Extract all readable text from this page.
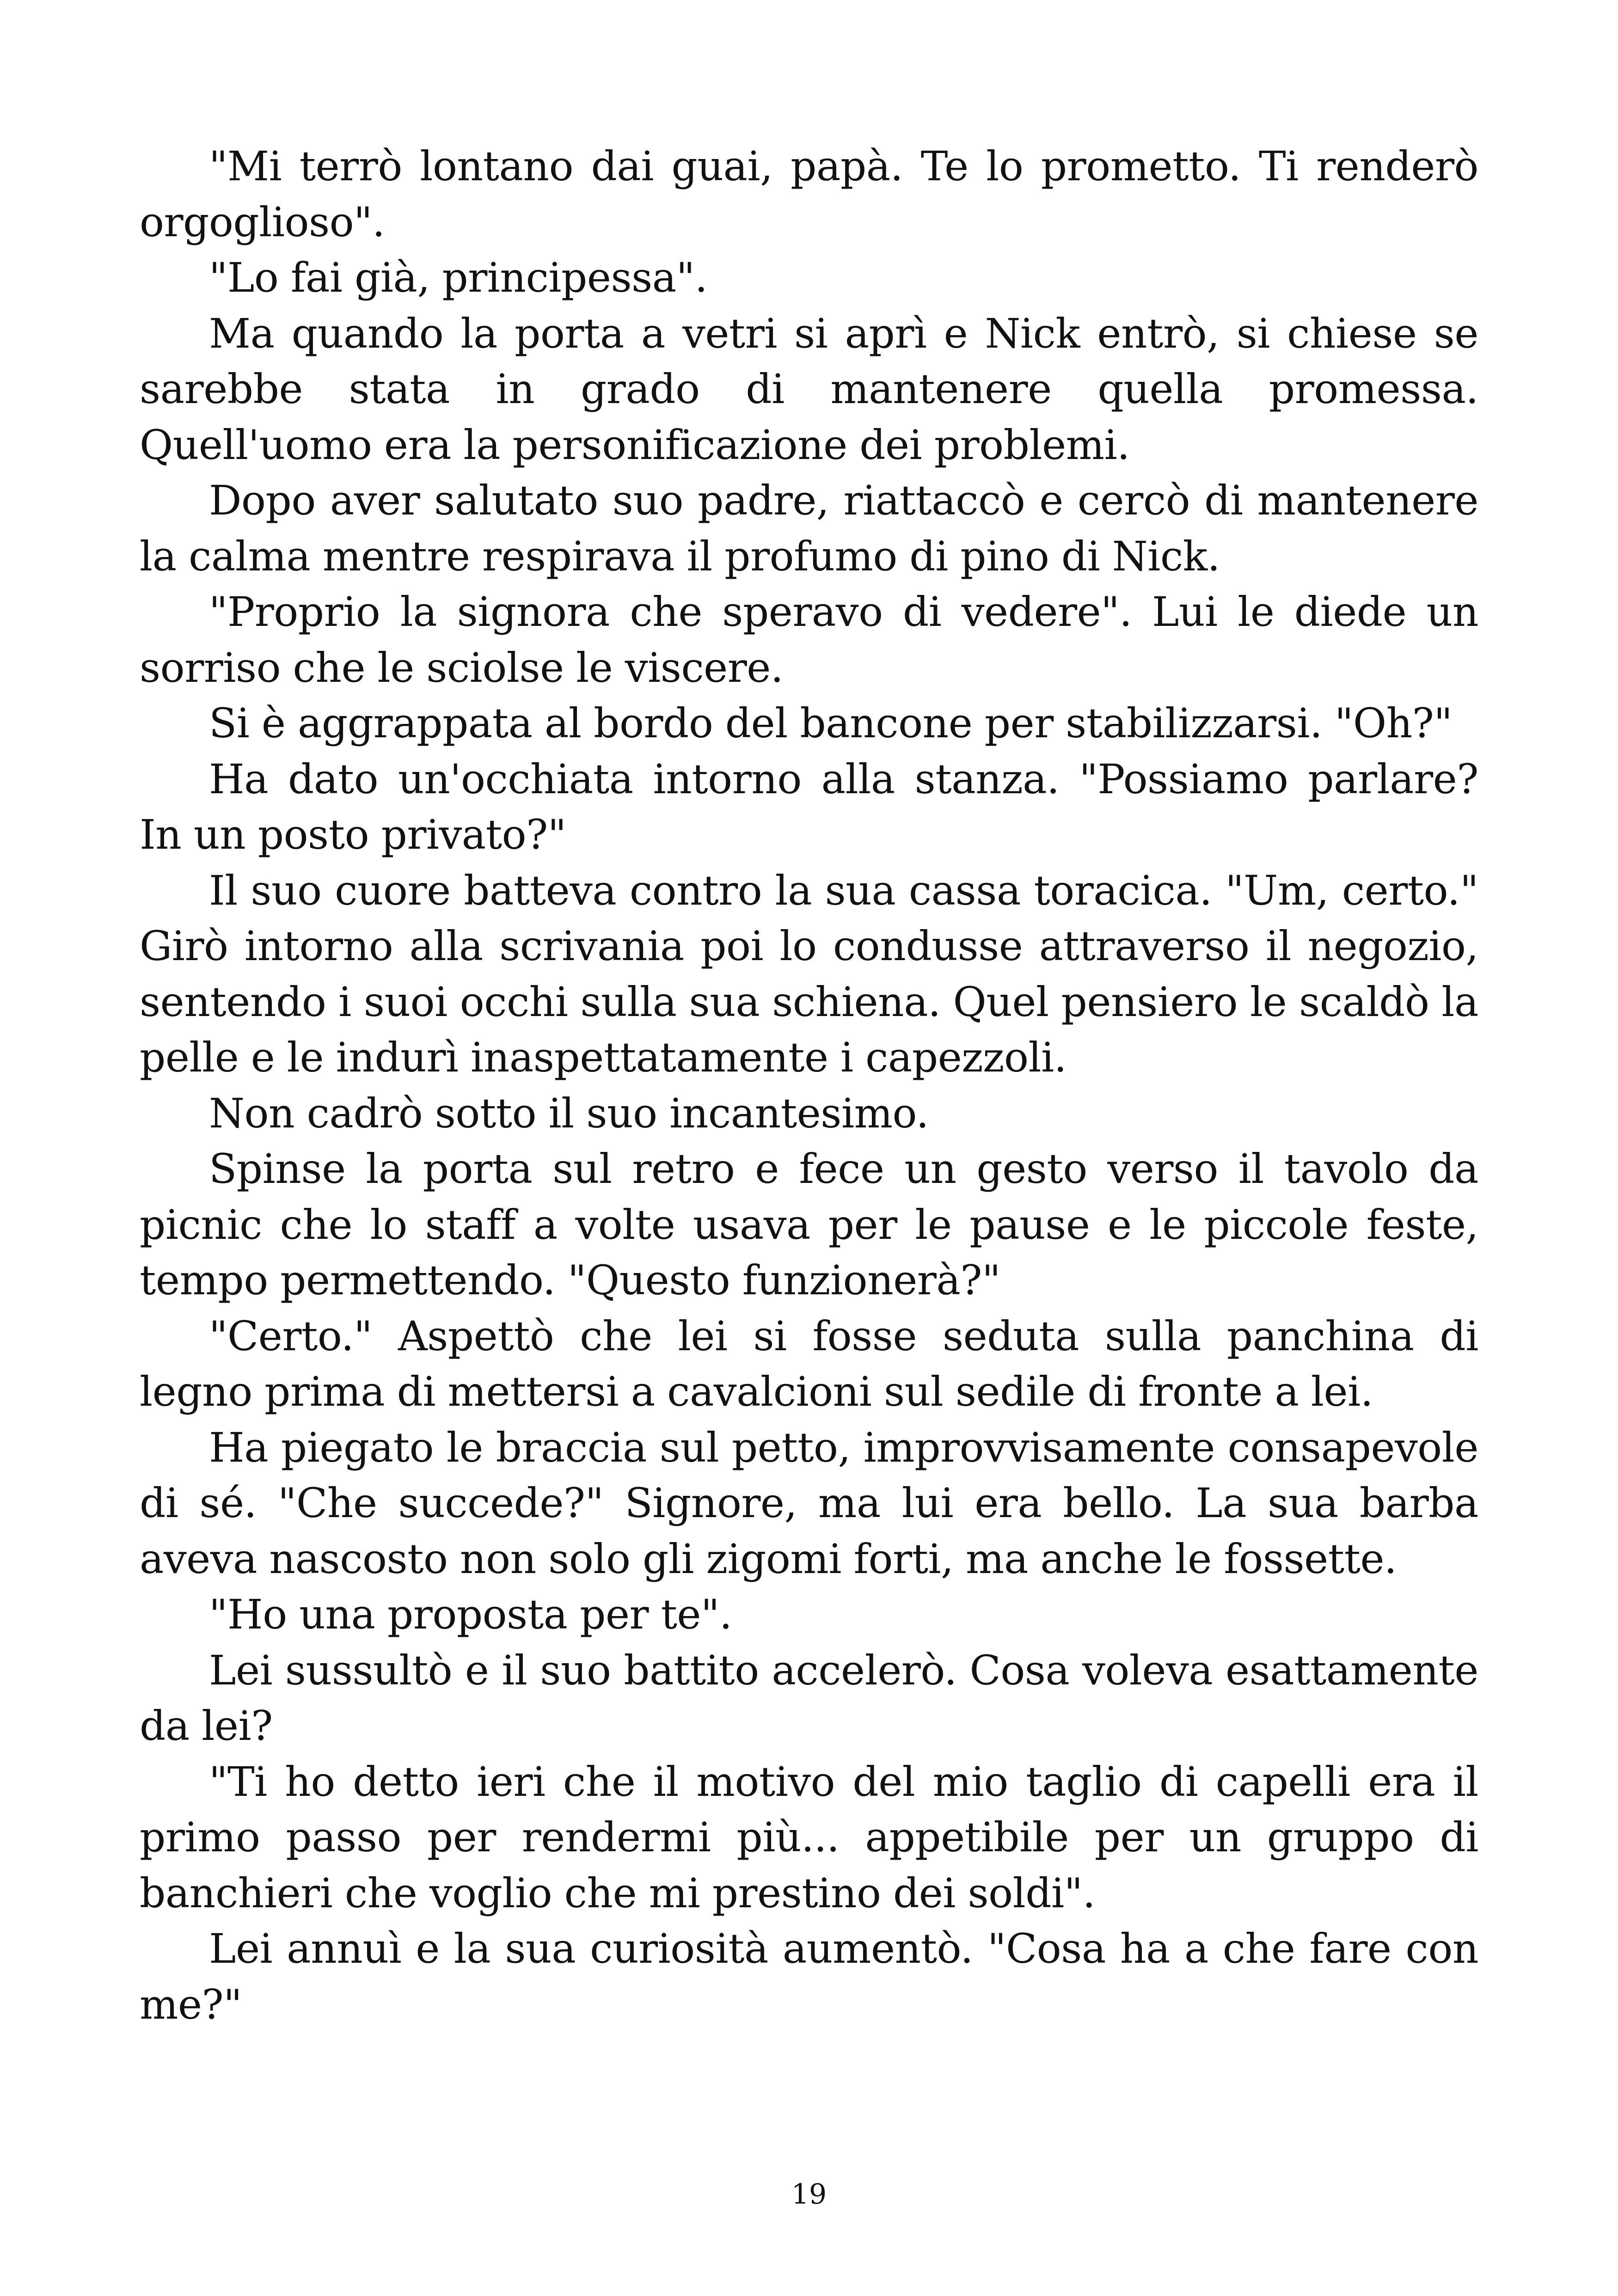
"Mi terrò lontano dai guai, papà. Te lo prometto. Ti renderò orgoglioso".

"Lo fai già, principessa".

Ma quando la porta a vetri si aprì e Nick entrò, si chiese se sarebbe stata in grado di mantenere quella promessa. Quell'uomo era la personificazione dei problemi.

Dopo aver salutato suo padre, riattaccò e cercò di mantenere la calma mentre respirava il profumo di pino di Nick.

"Proprio la signora che speravo di vedere". Lui le diede un sorriso che le sciolse le viscere.

Si è aggrappata al bordo del bancone per stabilizzarsi. "Oh?"

Ha dato un'occhiata intorno alla stanza. "Possiamo parlare? In un posto privato?"

Il suo cuore batteva contro la sua cassa toracica. "Um, certo." Girò intorno alla scrivania poi lo condusse attraverso il negozio, sentendo i suoi occhi sulla sua schiena. Quel pensiero le scaldò la pelle e le indurì inaspettatamente i capezzoli.

Non cadrò sotto il suo incantesimo.

Spinse la porta sul retro e fece un gesto verso il tavolo da picnic che lo staff a volte usava per le pause e le piccole feste, tempo permettendo. "Questo funzionerà?"

"Certo." Aspettò che lei si fosse seduta sulla panchina di legno prima di mettersi a cavalcioni sul sedile di fronte a lei.

Ha piegato le braccia sul petto, improvvisamente consapevole di sé. "Che succede?" Signore, ma lui era bello. La sua barba aveva nascosto non solo gli zigomi forti, ma anche le fossette.

"Ho una proposta per te".

Lei sussultò e il suo battito accelerò. Cosa voleva esattamente da lei?

"Ti ho detto ieri che il motivo del mio taglio di capelli era il primo passo per rendermi più... appetibile per un gruppo di banchieri che voglio che mi prestino dei soldi".

Lei annuì e la sua curiosità aumentò. "Cosa ha a che fare con me?"

19
